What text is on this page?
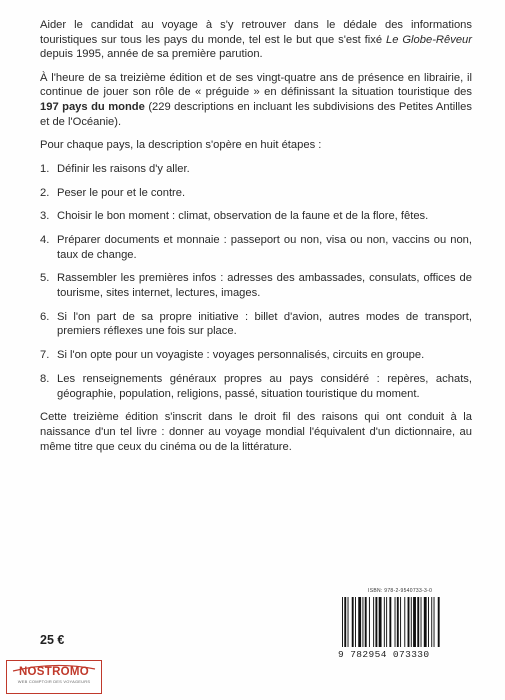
Aider le candidat au voyage à s'y retrouver dans le dédale des informations touristiques sur tous les pays du monde, tel est le but que s'est fixé Le Globe-Rêveur depuis 1995, année de sa première parution.

À l'heure de sa treizième édition et de ses vingt-quatre ans de présence en librairie, il continue de jouer son rôle de « préguide » en définissant la situation touristique des 197 pays du monde (229 descriptions en incluant les subdivisions des Petites Antilles et de l'Océanie).

Pour chaque pays, la description s'opère en huit étapes :

1. Définir les raisons d'y aller.
2. Peser le pour et le contre.
3. Choisir le bon moment : climat, observation de la faune et de la flore, fêtes.
4. Préparer documents et monnaie : passeport ou non, visa ou non, vaccins ou non, taux de change.
5. Rassembler les premières infos : adresses des ambassades, consulats, offices de tourisme, sites internet, lectures, images.
6. Si l'on part de sa propre initiative : billet d'avion, autres modes de transport, premiers réflexes une fois sur place.
7. Si l'on opte pour un voyagiste : voyages personnalisés, circuits en groupe.
8. Les renseignements généraux propres au pays considéré : repères, achats, géographie, population, religions, passé, situation touristique du moment.

Cette treizième édition s'inscrit dans le droit fil des raisons qui ont conduit à la naissance d'un tel livre : donner au voyage mondial l'équivalent d'un dictionnaire, au même titre que ceux du cinéma ou de la littérature.

ISBN: 978-2-9540733-3-0
9 782954 073330
25 €
NOSTROMO
WEB COMPTOIR DES VOYAGEURS
